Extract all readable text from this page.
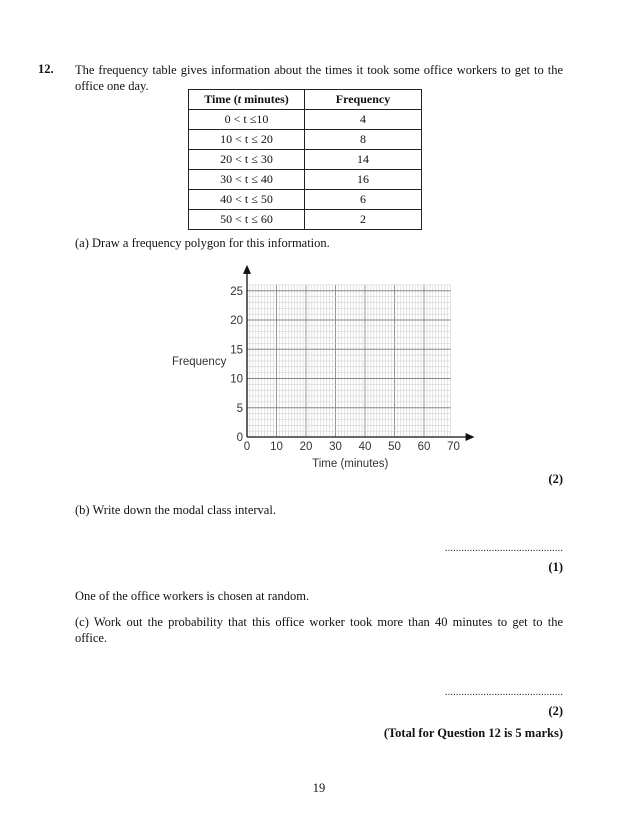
12. The frequency table gives information about the times it took some office workers to get to the office one day.
Time (t minutes)	Frequency
0 < t ≤10	4
10 < t ≤ 20	8
20 < t ≤ 30	14
30 < t ≤ 40	16
40 < t ≤ 50	6
50 < t ≤ 60	2
(a) Draw a frequency polygon for this information.
0 10 20 30 40 50 60 70
0
5
10
15
20
25
Time (minutes)
Frequency
(2)
(b) Write down the modal class interval.
...........................................
(1)
One of the office workers is chosen at random.
(c) Work out the probability that this office worker took more than 40 minutes to get to the office.
...........................................
(2)
(Total for Question 12 is 5 marks)
19
